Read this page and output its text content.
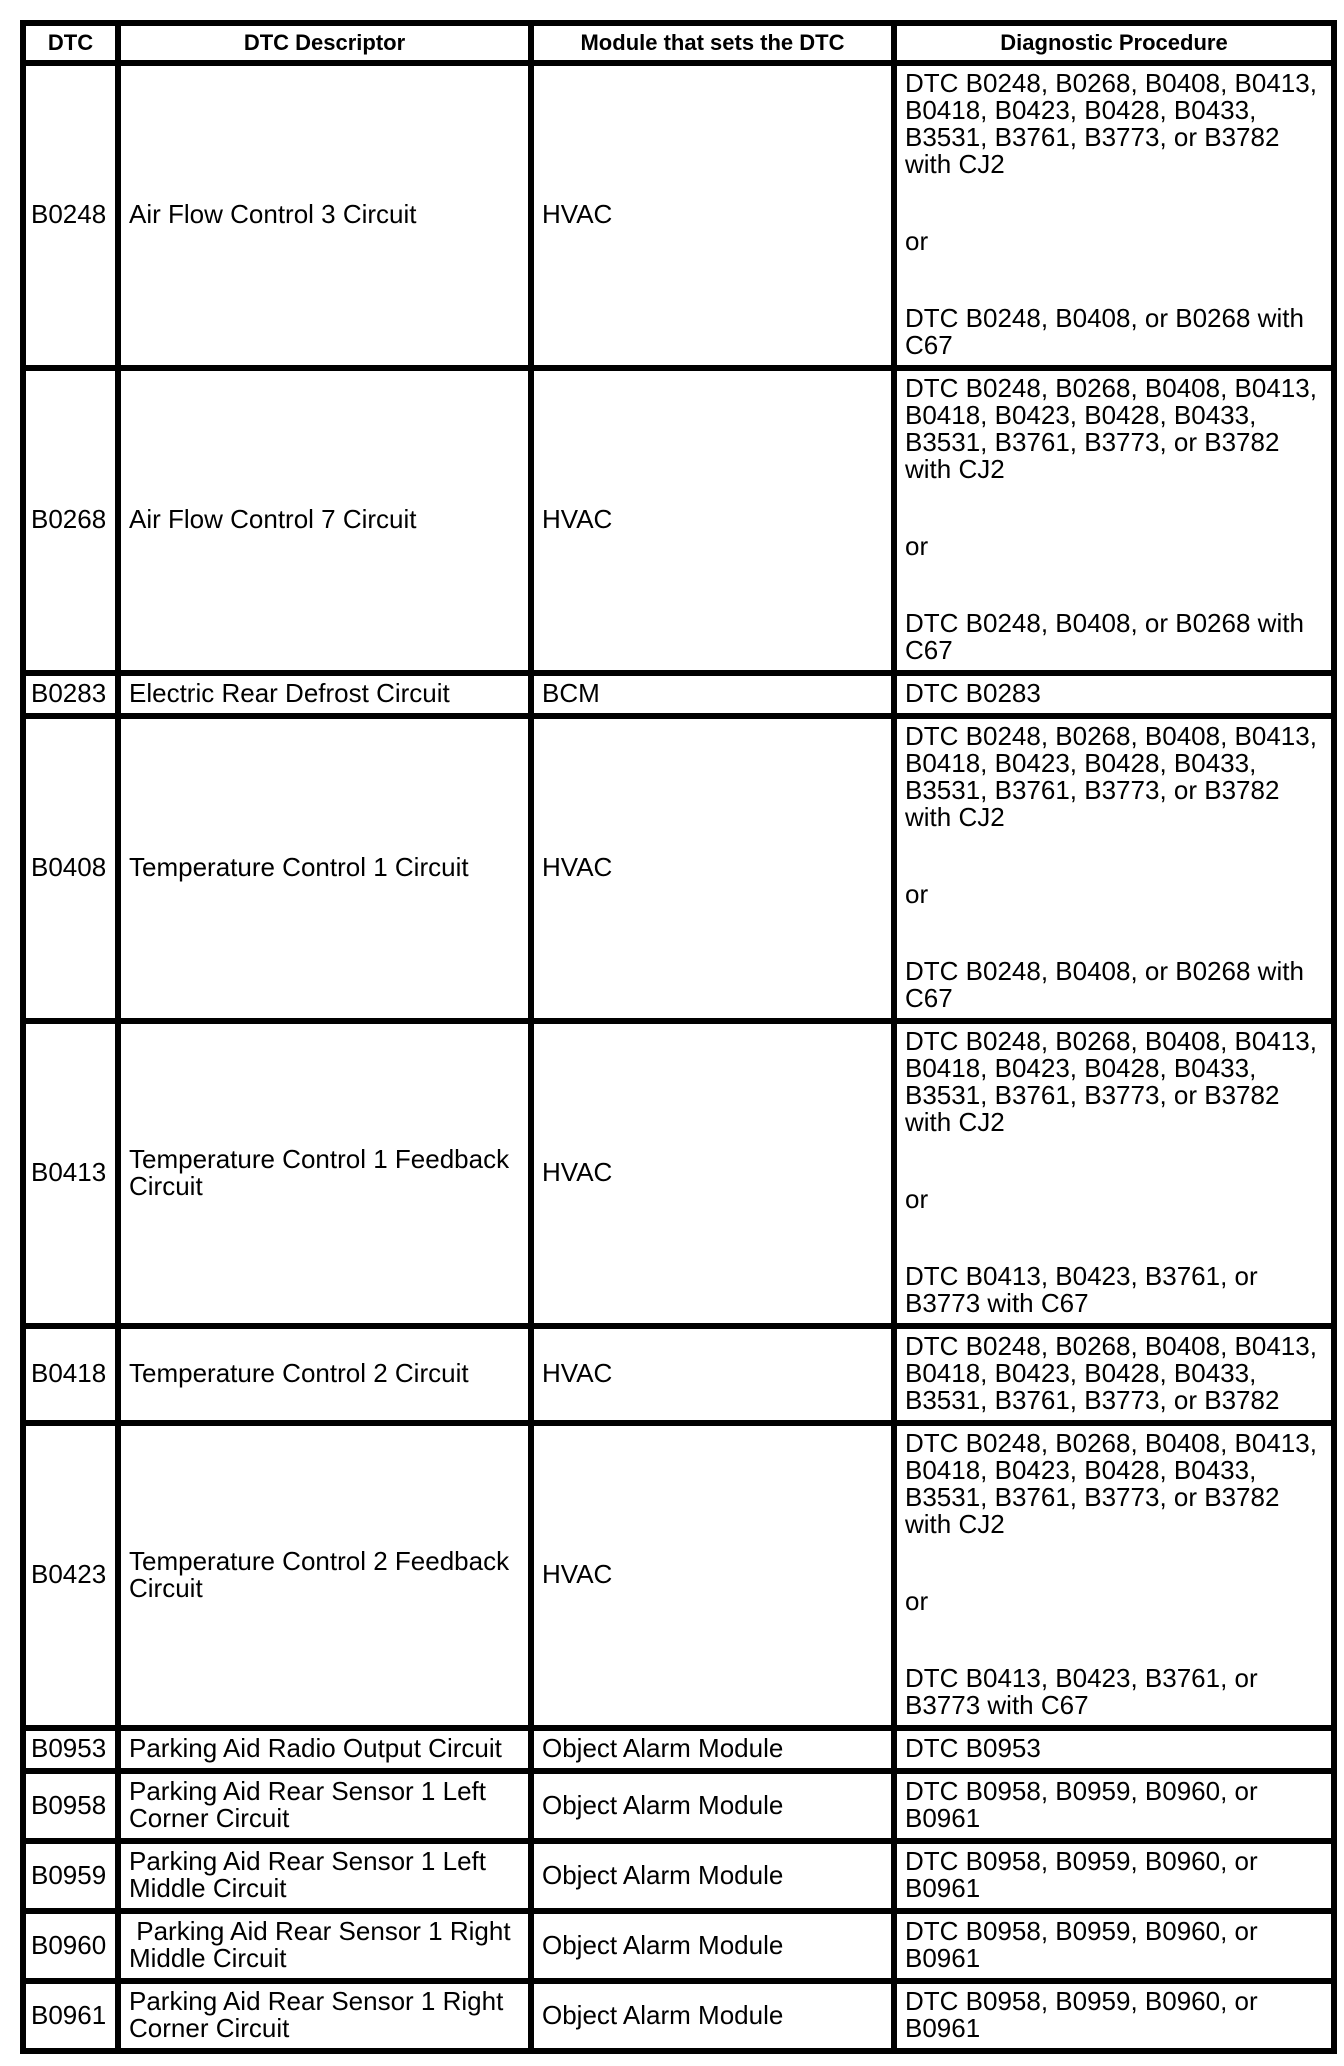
DTC	DTC Descriptor	Module that sets the DTC	Diagnostic Procedure
B0248	Air Flow Control 3 Circuit	HVAC	DTC B0248, B0268, B0408, B0413, B0418, B0423, B0428, B0433, B3531, B3761, B3773, or B3782 with CJ2
or
DTC B0248, B0408, or B0268 with C67

B0268	Air Flow Control 7 Circuit	HVAC	DTC B0248, B0268, B0408, B0413, B0418, B0423, B0428, B0433, B3531, B3761, B3773, or B3782 with CJ2
or
DTC B0248, B0408, or B0268 with C67

B0283	Electric Rear Defrost Circuit	BCM	DTC B0283

B0408	Temperature Control 1 Circuit	HVAC	DTC B0248, B0268, B0408, B0413, B0418, B0423, B0428, B0433, B3531, B3761, B3773, or B3782 with CJ2
or
DTC B0248, B0408, or B0268 with C67

B0413	Temperature Control 1 Feedback Circuit	HVAC	DTC B0248, B0268, B0408, B0413, B0418, B0423, B0428, B0433, B3531, B3761, B3773, or B3782 with CJ2
or
DTC B0413, B0423, B3761, or B3773 with C67

B0418	Temperature Control 2 Circuit	HVAC	DTC B0248, B0268, B0408, B0413, B0418, B0423, B0428, B0433, B3531, B3761, B3773, or B3782

B0423	Temperature Control 2 Feedback Circuit	HVAC	DTC B0248, B0268, B0408, B0413, B0418, B0423, B0428, B0433, B3531, B3761, B3773, or B3782 with CJ2
or
DTC B0413, B0423, B3761, or B3773 with C67

B0953	Parking Aid Radio Output Circuit	Object Alarm Module	DTC B0953

B0958	Parking Aid Rear Sensor 1 Left Corner Circuit	Object Alarm Module	DTC B0958, B0959, B0960, or B0961

B0959	Parking Aid Rear Sensor 1 Left Middle Circuit	Object Alarm Module	DTC B0958, B0959, B0960, or B0961

B0960	Parking Aid Rear Sensor 1 Right Middle Circuit	Object Alarm Module	DTC B0958, B0959, B0960, or B0961

B0961	Parking Aid Rear Sensor 1 Right Corner Circuit	Object Alarm Module	DTC B0958, B0959, B0960, or B0961
